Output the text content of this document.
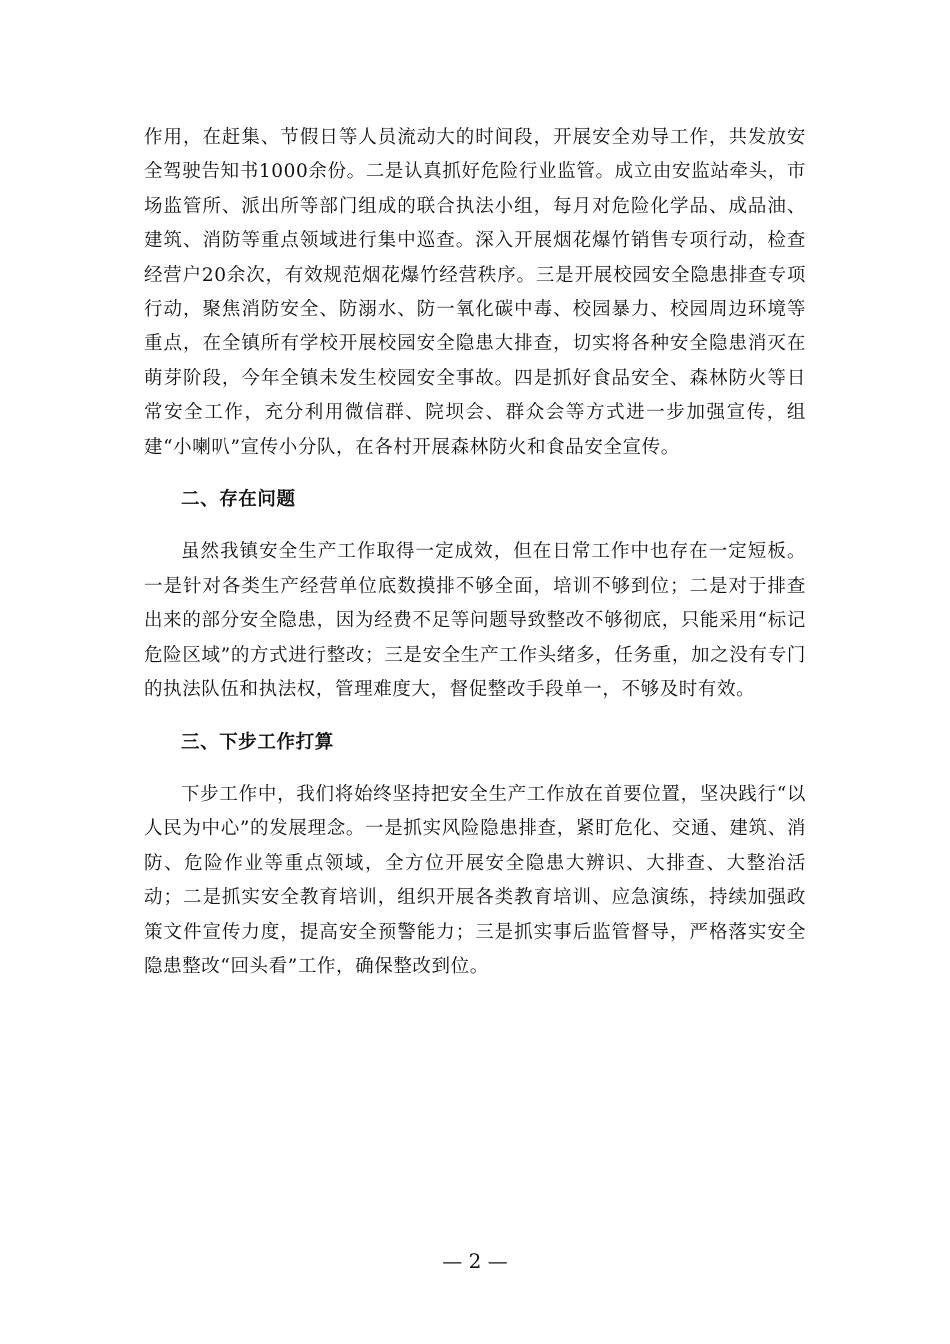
作用，在赶集、节假日等人员流动大的时间段，开展安全劝导工作，共发放安全驾驶告知书1000余份。二是认真抓好危险行业监管。成立由安监站牵头，市场监管所、派出所等部门组成的联合执法小组，每月对危险化学品、成品油、建筑、消防等重点领域进行集中巡查。深入开展烟花爆竹销售专项行动，检查经营户20余次，有效规范烟花爆竹经营秩序。三是开展校园安全隐患排查专项行动，聚焦消防安全、防溺水、防一氧化碳中毒、校园暴力、校园周边环境等重点，在全镇所有学校开展校园安全隐患大排查，切实将各种安全隐患消灭在萌芽阶段，今年全镇未发生校园安全事故。四是抓好食品安全、森林防火等日常安全工作，充分利用微信群、院坝会、群众会等方式进一步加强宣传，组建“小喇叭”宣传小分队，在各村开展森林防火和食品安全宣传。

二、存在问题

虽然我镇安全生产工作取得一定成效，但在日常工作中也存在一定短板。一是针对各类生产经营单位底数摸排不够全面，培训不够到位；二是对于排查出来的部分安全隐患，因为经费不足等问题导致整改不够彻底，只能采用“标记危险区域”的方式进行整改；三是安全生产工作头绪多，任务重，加之没有专门的执法队伍和执法权，管理难度大，督促整改手段单一，不够及时有效。

三、下步工作打算

下步工作中，我们将始终坚持把安全生产工作放在首要位置，坚决践行“以人民为中心”的发展理念。一是抓实风险隐患排查，紧盯危化、交通、建筑、消防、危险作业等重点领域，全方位开展安全隐患大辨识、大排查、大整治活动；二是抓实安全教育培训，组织开展各类教育培训、应急演练，持续加强政策文件宣传力度，提高安全预警能力；三是抓实事后监管督导，严格落实安全隐患整改“回头看”工作，确保整改到位。

— 2 —
